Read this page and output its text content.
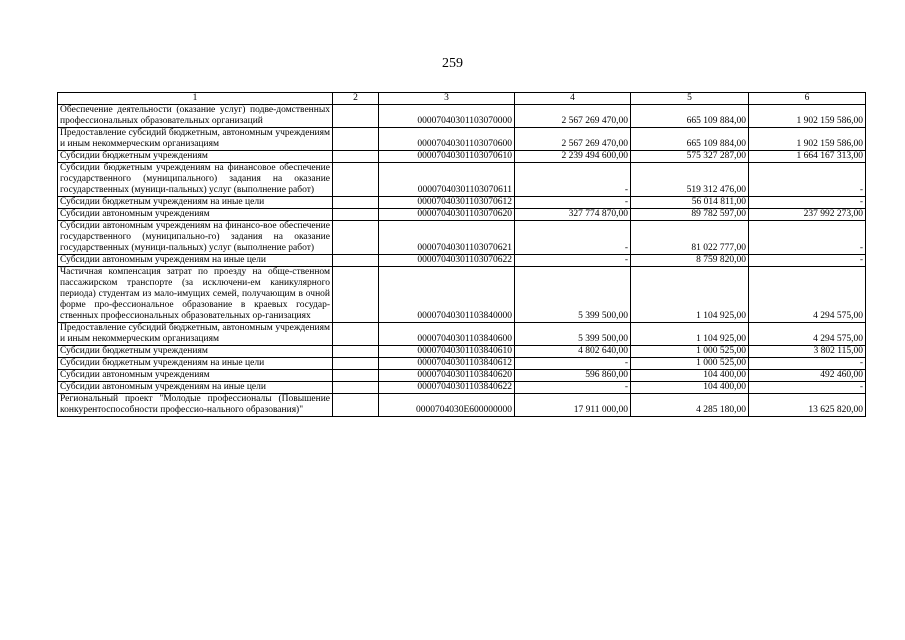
259
1	2	3	4	5	6
Обеспечение деятельности (оказание услуг) подве-домственных профессиональных образовательных организаций		00007040301103070000	2 567 269 470,00	665 109 884,00	1 902 159 586,00
Предоставление субсидий бюджетным, автономным учреждениям и иным некоммерческим организациям		00007040301103070600	2 567 269 470,00	665 109 884,00	1 902 159 586,00
Субсидии бюджетным учреждениям		00007040301103070610	2 239 494 600,00	575 327 287,00	1 664 167 313,00
Субсидии бюджетным учреждениям на финансовое обеспечение государственного (муниципального) задания на оказание государственных (муници-пальных) услуг (выполнение работ)		00007040301103070611	-	519 312 476,00	-
Субсидии бюджетным учреждениям на иные цели		00007040301103070612	-	56 014 811,00	-
Субсидии автономным учреждениям		00007040301103070620	327 774 870,00	89 782 597,00	237 992 273,00
Субсидии автономным учреждениям на финансо-вое обеспечение государственного (муниципально-го) задания на оказание государственных (муници-пальных) услуг (выполнение работ)		00007040301103070621	-	81 022 777,00	-
Субсидии автономным учреждениям на иные цели		00007040301103070622	-	8 759 820,00	-
Частичная компенсация затрат по проезду на обще-ственном пассажирском транспорте (за исключени-ем каникулярного периода) студентам из мало-имущих семей, получающим в очной форме про-фессиональное образование в краевых государ-ственных профессиональных образовательных ор-ганизациях		00007040301103840000	5 399 500,00	1 104 925,00	4 294 575,00
Предоставление субсидий бюджетным, автономным учреждениям и иным некоммерческим организациям		00007040301103840600	5 399 500,00	1 104 925,00	4 294 575,00
Субсидии бюджетным учреждениям		00007040301103840610	4 802 640,00	1 000 525,00	3 802 115,00
Субсидии бюджетным учреждениям на иные цели		00007040301103840612	-	1 000 525,00	-
Субсидии автономным учреждениям		00007040301103840620	596 860,00	104 400,00	492 460,00
Субсидии автономным учреждениям на иные цели		00007040301103840622	-	104 400,00	-
Региональный проект "Молодые профессионалы (Повышение конкурентоспособности профессио-нального образования)"		0000704030E600000000	17 911 000,00	4 285 180,00	13 625 820,00
